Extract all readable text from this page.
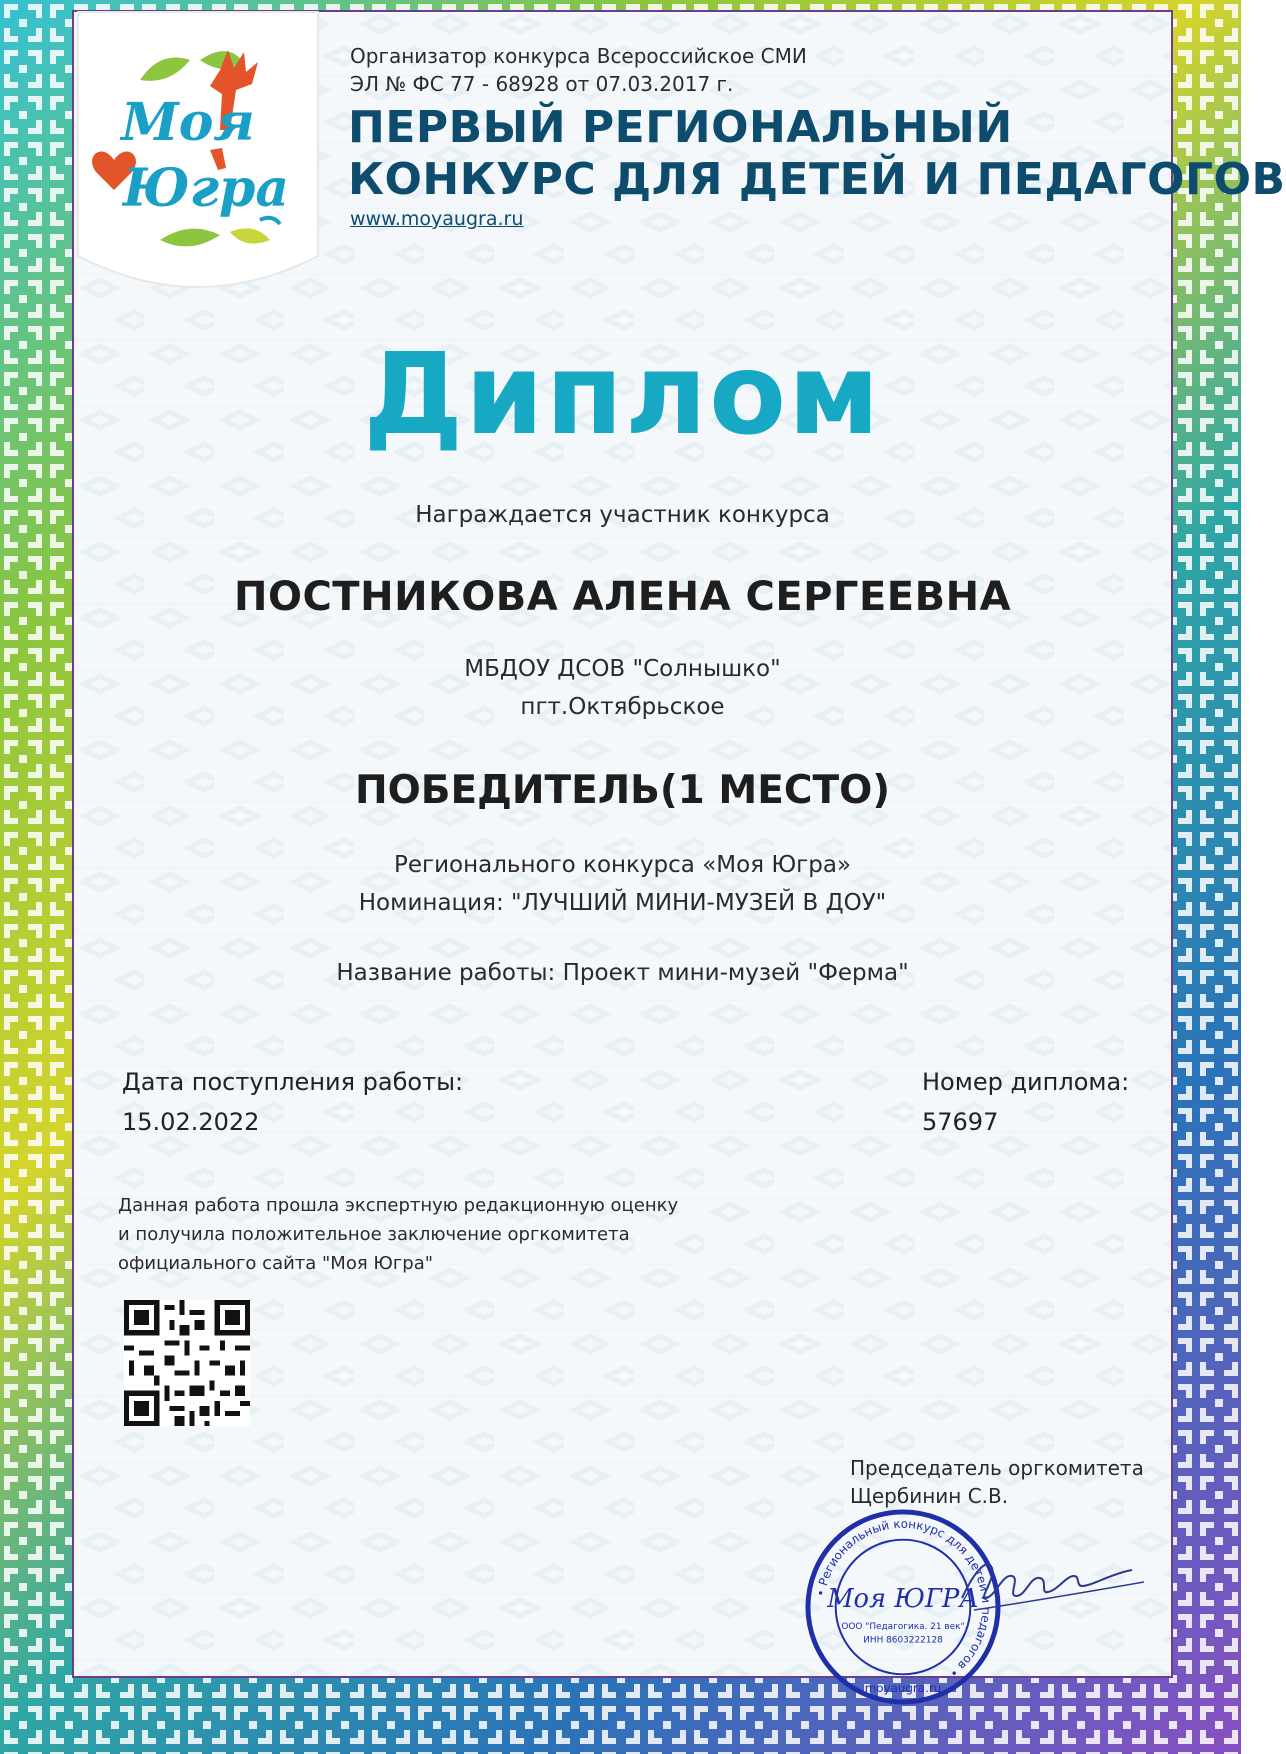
Моя
Югра
Организатор конкурса Всероссийское СМИ
ЭЛ № ФС 77 - 68928 от 07.03.2017 г.
ПЕРВЫЙ РЕГИОНАЛЬНЫЙ
КОНКУРС ДЛЯ ДЕТЕЙ И ПЕДАГОГОВ
www.moyaugra.ru
Диплом
Награждается участник конкурса
ПОСТНИКОВА АЛЕНА СЕРГЕЕВНА
МБДОУ ДСОВ "Солнышко"
пгт.Октябрьское
ПОБЕДИТЕЛЬ(1 МЕСТО)
Регионального конкурса «Моя Югра»
Номинация: "ЛУЧШИЙ МИНИ-МУЗЕЙ В ДОУ"
Название работы: Проект мини-музей "Ферма"
Дата поступления работы:
15.02.2022
Номер диплома:
57697
Данная работа прошла экспертную редакционную оценку
и получила положительное заключение оргкомитета
официального сайта "Моя Югра"
Председатель оргкомитета
Щербинин С.В.
• Региональный конкурс для детей и педагогов •
Моя ЮГРА
ООО "Педагогика. 21 век"
ИНН 8603222128
moyaugra.ru
